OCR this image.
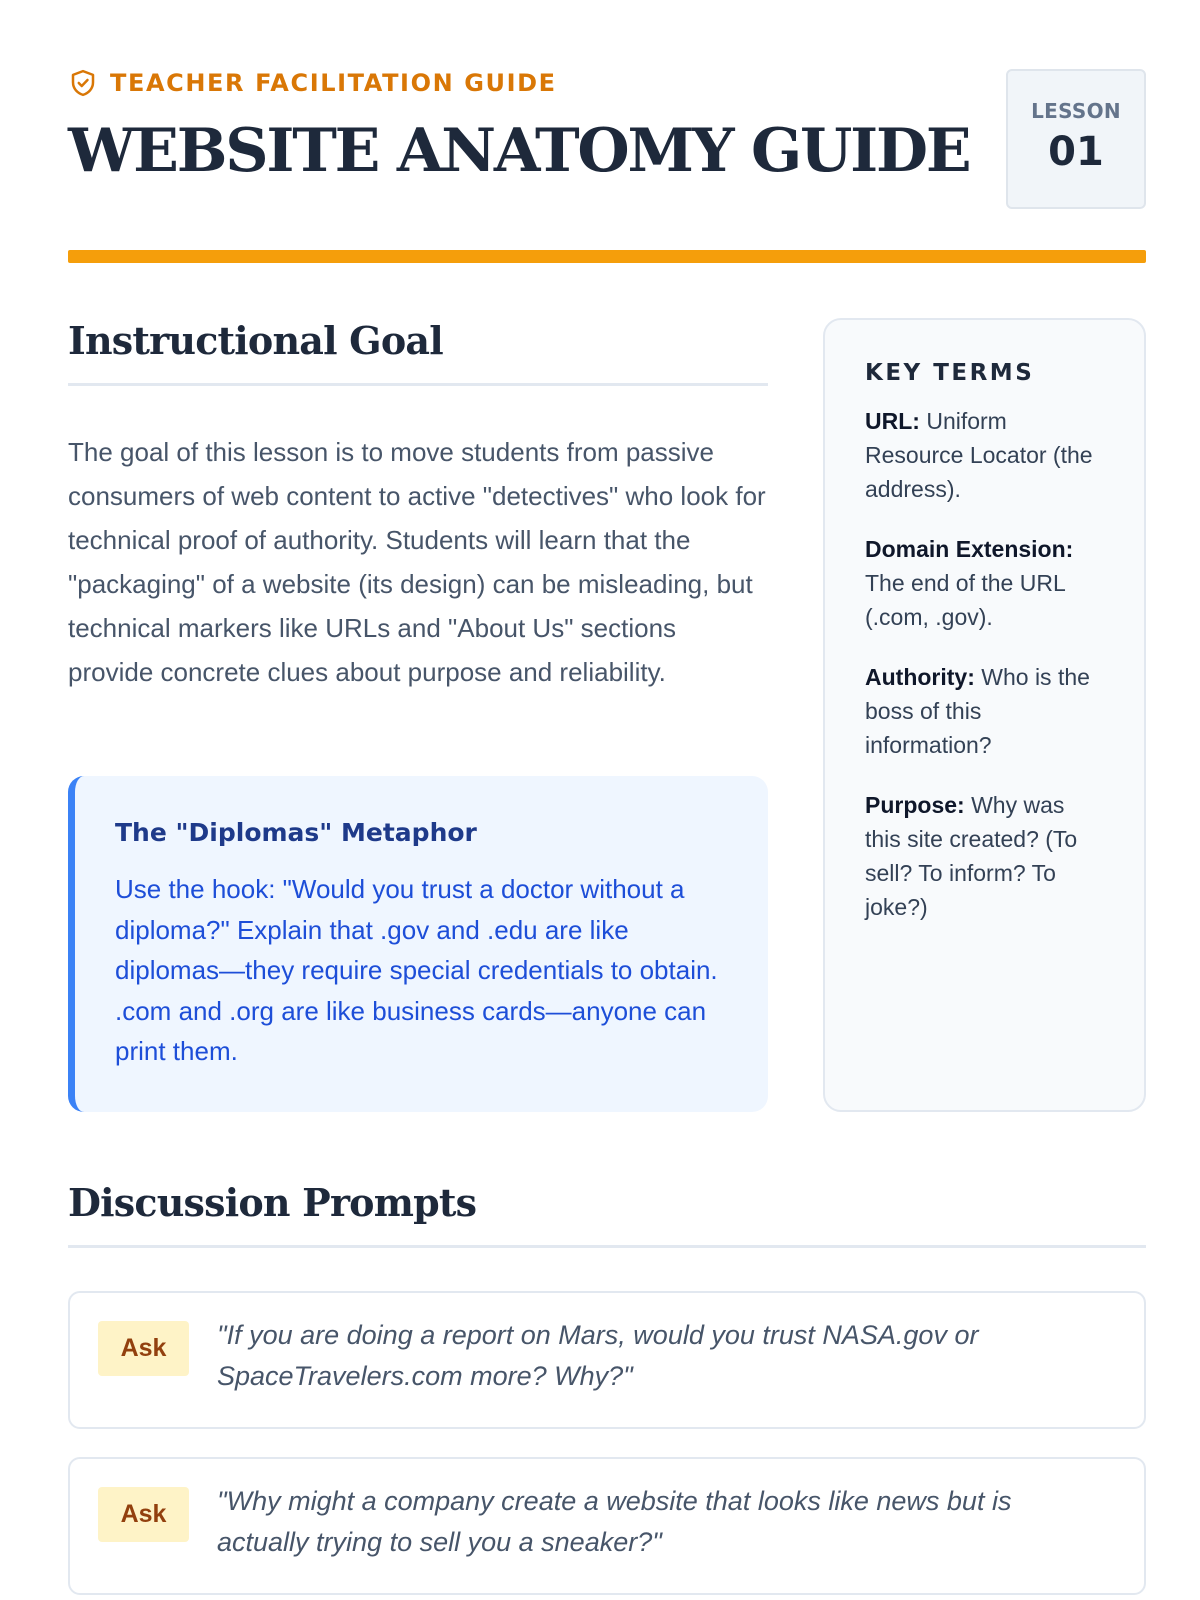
TEACHER FACILITATION GUIDE
WEBSITE ANATOMY GUIDE
LESSON
01
Instructional Goal

The goal of this lesson is to move students from passive consumers of web content to active "detectives" who look for technical proof of authority. Students will learn that the "packaging" of a website (its design) can be misleading, but technical markers like URLs and "About Us" sections provide concrete clues about purpose and reliability.

The "Diplomas" Metaphor

Use the hook: "Would you trust a doctor without a diploma?" Explain that .gov and .edu are like diplomas—they require special credentials to obtain. .com and .org are like business cards—anyone can print them.

KEY TERMS

URL: Uniform Resource Locator (the address).

Domain Extension: The end of the URL (.com, .gov).

Authority: Who is the boss of this information?

Purpose: Why was this site created? (To sell? To inform? To joke?)

Discussion Prompts
Ask	"If you are doing a report on Mars, would you trust NASA.gov or SpaceTravelers.com more? Why?"

Ask	"Why might a company create a website that looks like news but is actually trying to sell you a sneaker?"
